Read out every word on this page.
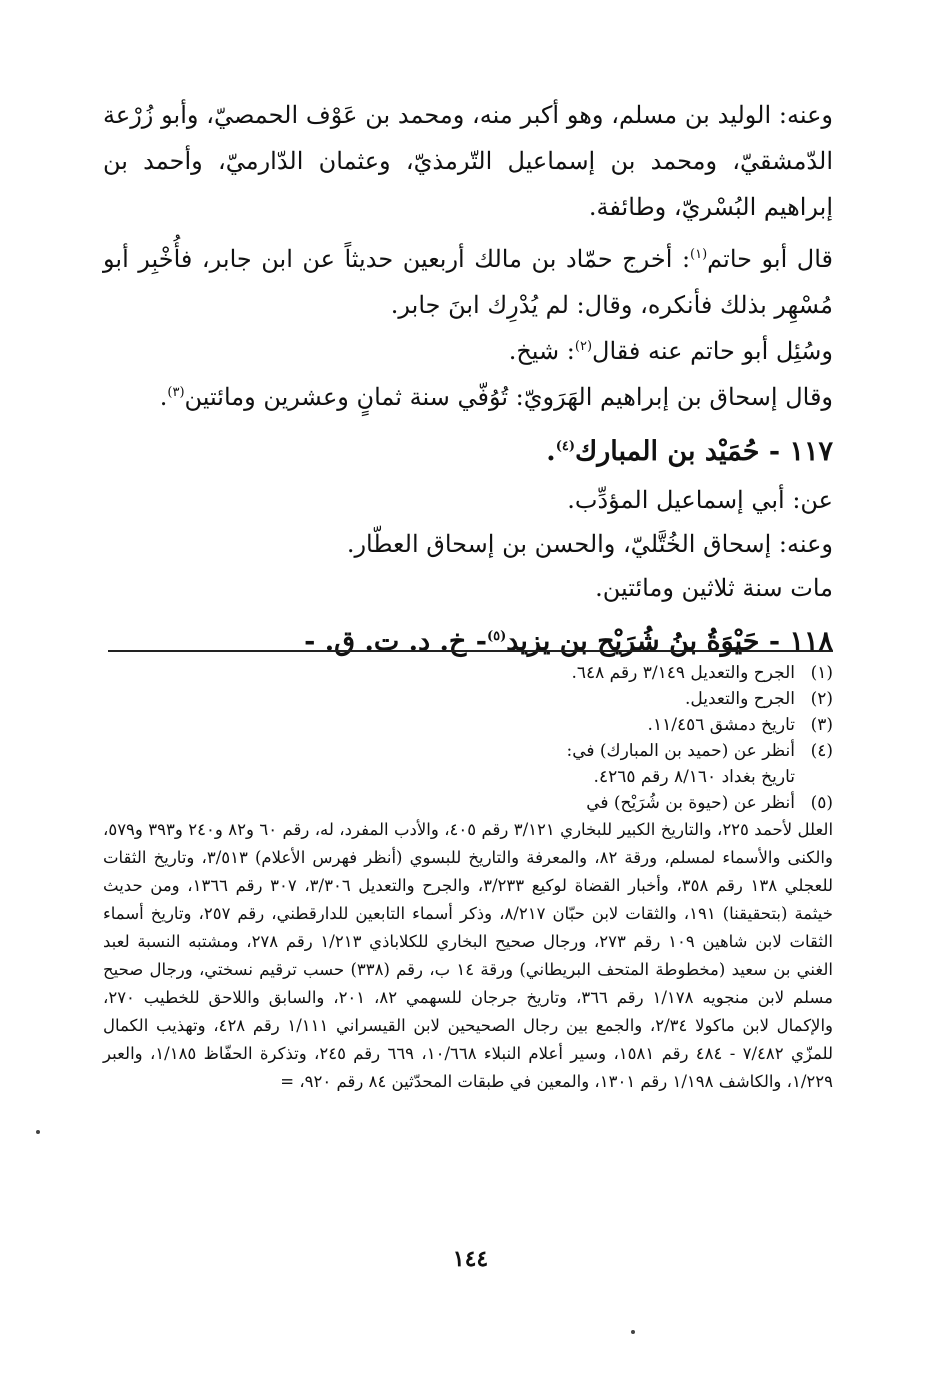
وعنه: الوليد بن مسلم، وهو أكبر منه، ومحمد بن عَوْف الحمصيّ، وأبو زُرْعة الدّمشقيّ، ومحمد بن إسماعيل التّرمذيّ، وعثمان الدّارميّ، وأحمد بن إبراهيم البُسْريّ، وطائفة.

قال أبو حاتم$^{(١)}$: أخرج حمّاد بن مالك أربعين حديثاً عن ابن جابر، فأُخْبِر أبو مُسْهِر بذلك فأنكره، وقال: لم يُدْرِك ابنَ جابر.

وسُئِل أبو حاتم عنه فقال$^{(٢)}$: شيخ.

وقال إسحاق بن إبراهيم الهَرَويّ: تُوُفّي سنة ثمانٍ وعشرين ومائتين$^{(٣)}$.

١١٧ - حُمَيْد بن المبارك$^{(٤)}$.

عن: أبي إسماعيل المؤدِّب.

وعنه: إسحاق الخُتَّليّ، والحسن بن إسحاق العطّار.

مات سنة ثلاثين ومائتين.

١١٨ - حَيْوَةُ بنُ شُرَيْح بن يزيد$^{(٥)}$- خ. د. ت. ق. -

(١)
الجرح والتعديل ٣/١٤٩ رقم ٦٤٨.
(٢)
الجرح والتعديل.
(٣)
تاريخ دمشق ١١/٤٥٦.
(٤)
أنظر عن (حميد بن المبارك) في:
تاريخ بغداد ٨/١٦٠ رقم ٤٢٦٥.
(٥)
أنظر عن (حيوة بن شُرَيْح) في
العلل لأحمد ٢٢٥، والتاريخ الكبير للبخاري ٣/١٢١ رقم ٤٠٥، والأدب المفرد، له، رقم ٦٠ و٨٢ و٢٤٠ و٣٩٣ و٥٧٩، والكنى والأسماء لمسلم، ورقة ٨٢، والمعرفة والتاريخ للبسوي (أنظر فهرس الأعلام) ٣/٥١٣، وتاريخ الثقات للعجلي ١٣٨ رقم ٣٥٨، وأخبار القضاة لوكيع ٣/٢٣٣، والجرح والتعديل ٣/٣٠٦، ٣٠٧ رقم ١٣٦٦، ومن حديث خيثمة (بتحقيقنا) ١٩١، والثقات لابن حبّان ٨/٢١٧، وذكر أسماء التابعين للدارقطني، رقم ٢٥٧، وتاريخ أسماء الثقات لابن شاهين ١٠٩ رقم ٢٧٣، ورجال صحيح البخاري للكلاباذي ١/٢١٣ رقم ٢٧٨، ومشتبه النسبة لعبد الغني بن سعيد (مخطوطة المتحف البريطاني) ورقة ١٤ ب، رقم (٣٣٨) حسب ترقيم نسختي، ورجال صحيح مسلم لابن منجويه ١/١٧٨ رقم ٣٦٦، وتاريخ جرجان للسهمي ٨٢، ٢٠١، والسابق واللاحق للخطيب ٢٧٠، والإكمال لابن ماكولا ٢/٣٤، والجمع بين رجال الصحيحين لابن القيسراني ١/١١١ رقم ٤٢٨، وتهذيب الكمال للمزّي ٧/٤٨٢ - ٤٨٤ رقم ١٥٨١، وسير أعلام النبلاء ١٠/٦٦٨، ٦٦٩ رقم ٢٤٥، وتذكرة الحفّاظ ١/١٨٥، والعبر ١/٢٢٩، والكاشف ١/١٩٨ رقم ١٣٠١، والمعين في طبقات المحدّثين ٨٤ رقم ٩٢٠، =
١٤٤
